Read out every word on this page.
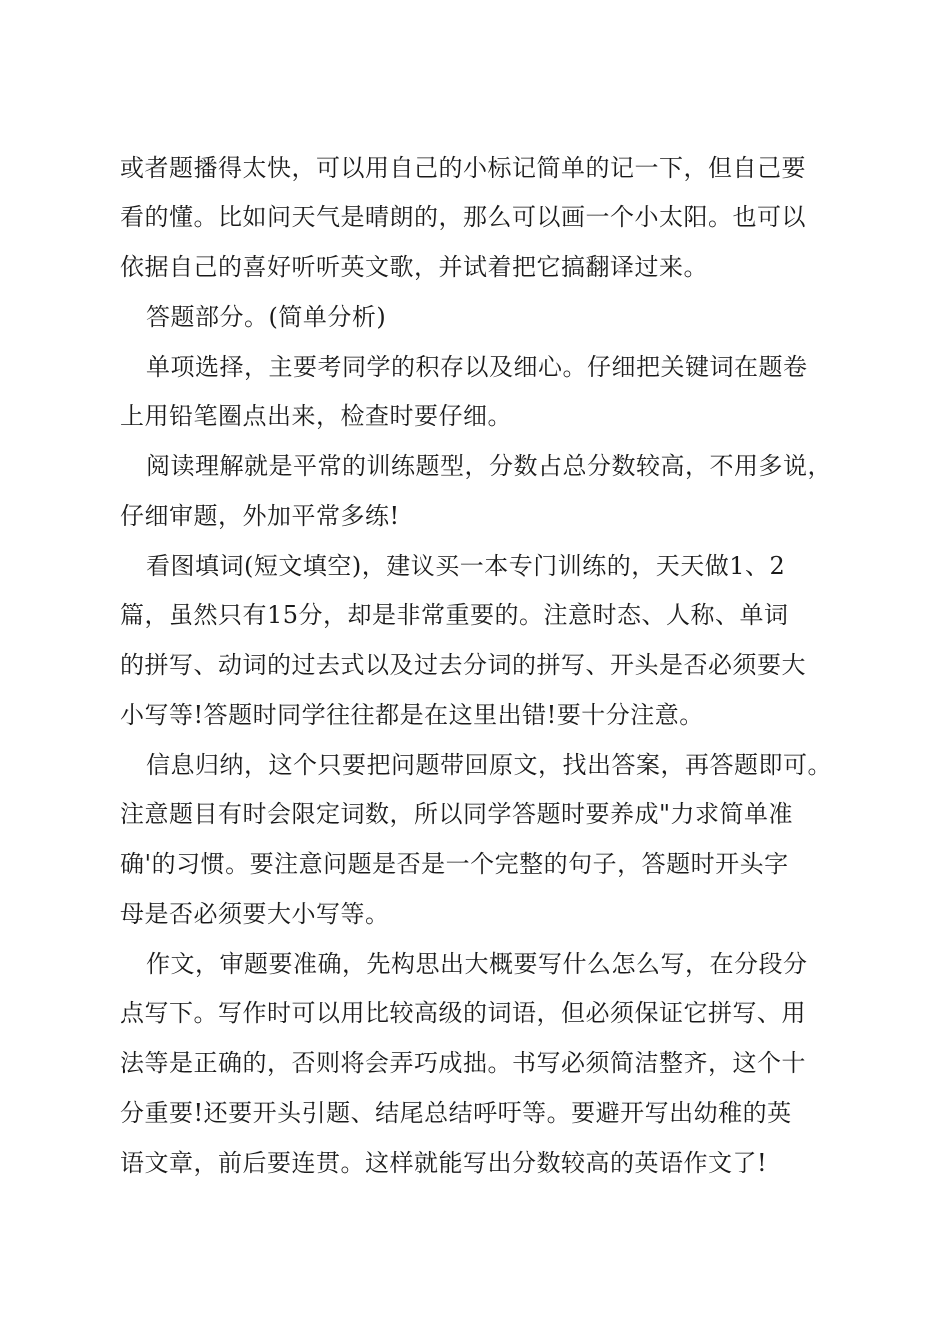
或者题播得太快，可以用自己的小标记简单的记一下，但自己要

看的懂。比如问天气是晴朗的，那么可以画一个小太阳。也可以

依据自己的喜好听听英文歌，并试着把它搞翻译过来。

答题部分。(简单分析)

单项选择，主要考同学的积存以及细心。仔细把关键词在题卷

上用铅笔圈点出来，检查时要仔细。

阅读理解就是平常的训练题型，分数占总分数较高，不用多说，

仔细审题，外加平常多练!

看图填词(短文填空)，建议买一本专门训练的，天天做1、2

篇，虽然只有15分，却是非常重要的。注意时态、人称、单词

的拼写、动词的过去式以及过去分词的拼写、开头是否必须要大

小写等!答题时同学往往都是在这里出错!要十分注意。

信息归纳，这个只要把问题带回原文，找出答案，再答题即可。

注意题目有时会限定词数，所以同学答题时要养成"力求简单准

确'的习惯。要注意问题是否是一个完整的句子，答题时开头字

母是否必须要大小写等。

作文，审题要准确，先构思出大概要写什么怎么写，在分段分

点写下。写作时可以用比较高级的词语，但必须保证它拼写、用

法等是正确的，否则将会弄巧成拙。书写必须简洁整齐，这个十

分重要!还要开头引题、结尾总结呼吁等。要避开写出幼稚的英

语文章，前后要连贯。这样就能写出分数较高的英语作文了!
